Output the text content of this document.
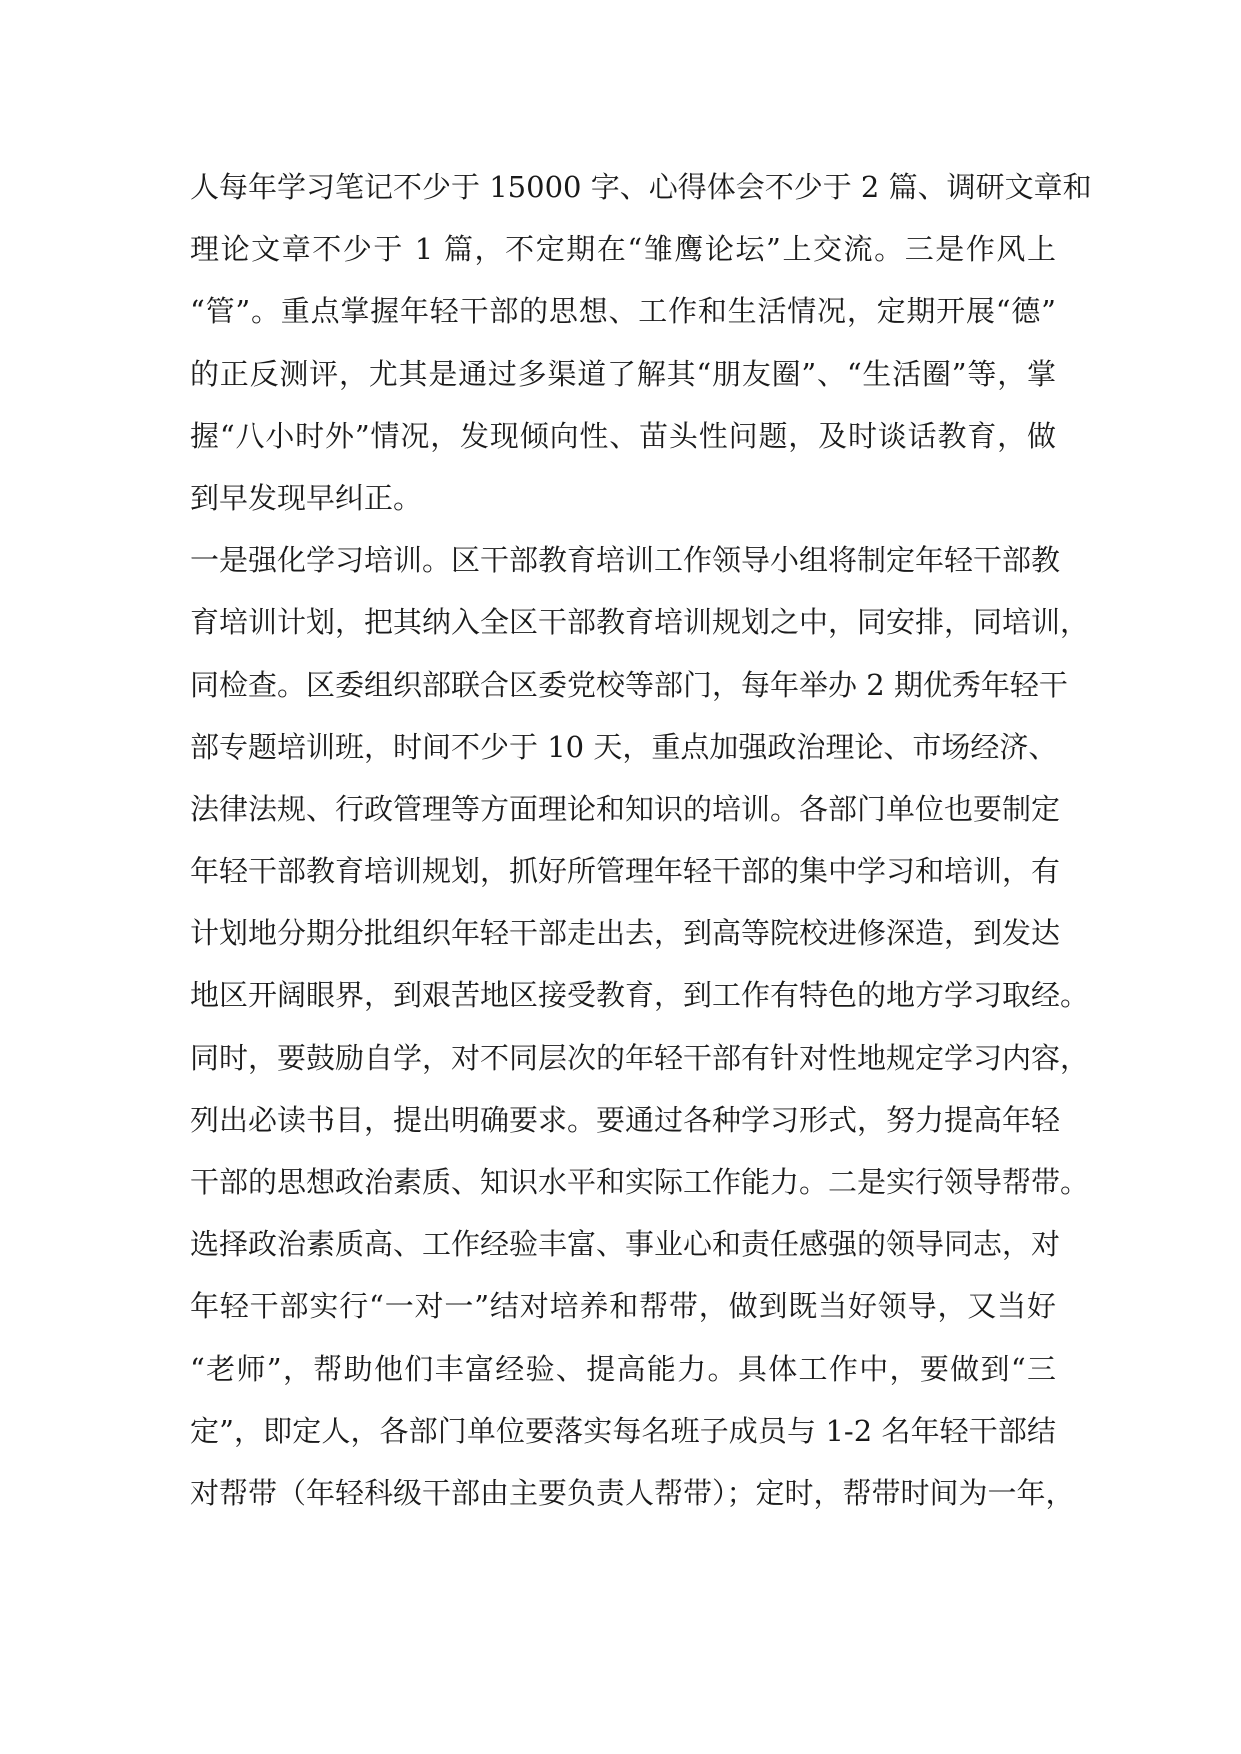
人每年学习笔记不少于 15000 字、心得体会不少于 2 篇、调研文章和
理论文章不少于 1 篇，不定期在“雏鹰论坛”上交流。三是作风上
“管”。重点掌握年轻干部的思想、工作和生活情况，定期开展“德”
的正反测评，尤其是通过多渠道了解其“朋友圈”、“生活圈”等，掌
握“八小时外”情况，发现倾向性、苗头性问题，及时谈话教育，做
到早发现早纠正。
一是强化学习培训。区干部教育培训工作领导小组将制定年轻干部教
育培训计划，把其纳入全区干部教育培训规划之中，同安排，同培训，
同检查。区委组织部联合区委党校等部门，每年举办 2 期优秀年轻干
部专题培训班，时间不少于 10 天，重点加强政治理论、市场经济、
法律法规、行政管理等方面理论和知识的培训。各部门单位也要制定
年轻干部教育培训规划，抓好所管理年轻干部的集中学习和培训，有
计划地分期分批组织年轻干部走出去，到高等院校进修深造，到发达
地区开阔眼界，到艰苦地区接受教育，到工作有特色的地方学习取经。
同时，要鼓励自学，对不同层次的年轻干部有针对性地规定学习内容，
列出必读书目，提出明确要求。要通过各种学习形式，努力提高年轻
干部的思想政治素质、知识水平和实际工作能力。二是实行领导帮带。
选择政治素质高、工作经验丰富、事业心和责任感强的领导同志，对
年轻干部实行“一对一”结对培养和帮带，做到既当好领导，又当好
“老师”，帮助他们丰富经验、提高能力。具体工作中，要做到“三
定”，即定人，各部门单位要落实每名班子成员与 1-2 名年轻干部结
对帮带（年轻科级干部由主要负责人帮带）；定时，帮带时间为一年，
